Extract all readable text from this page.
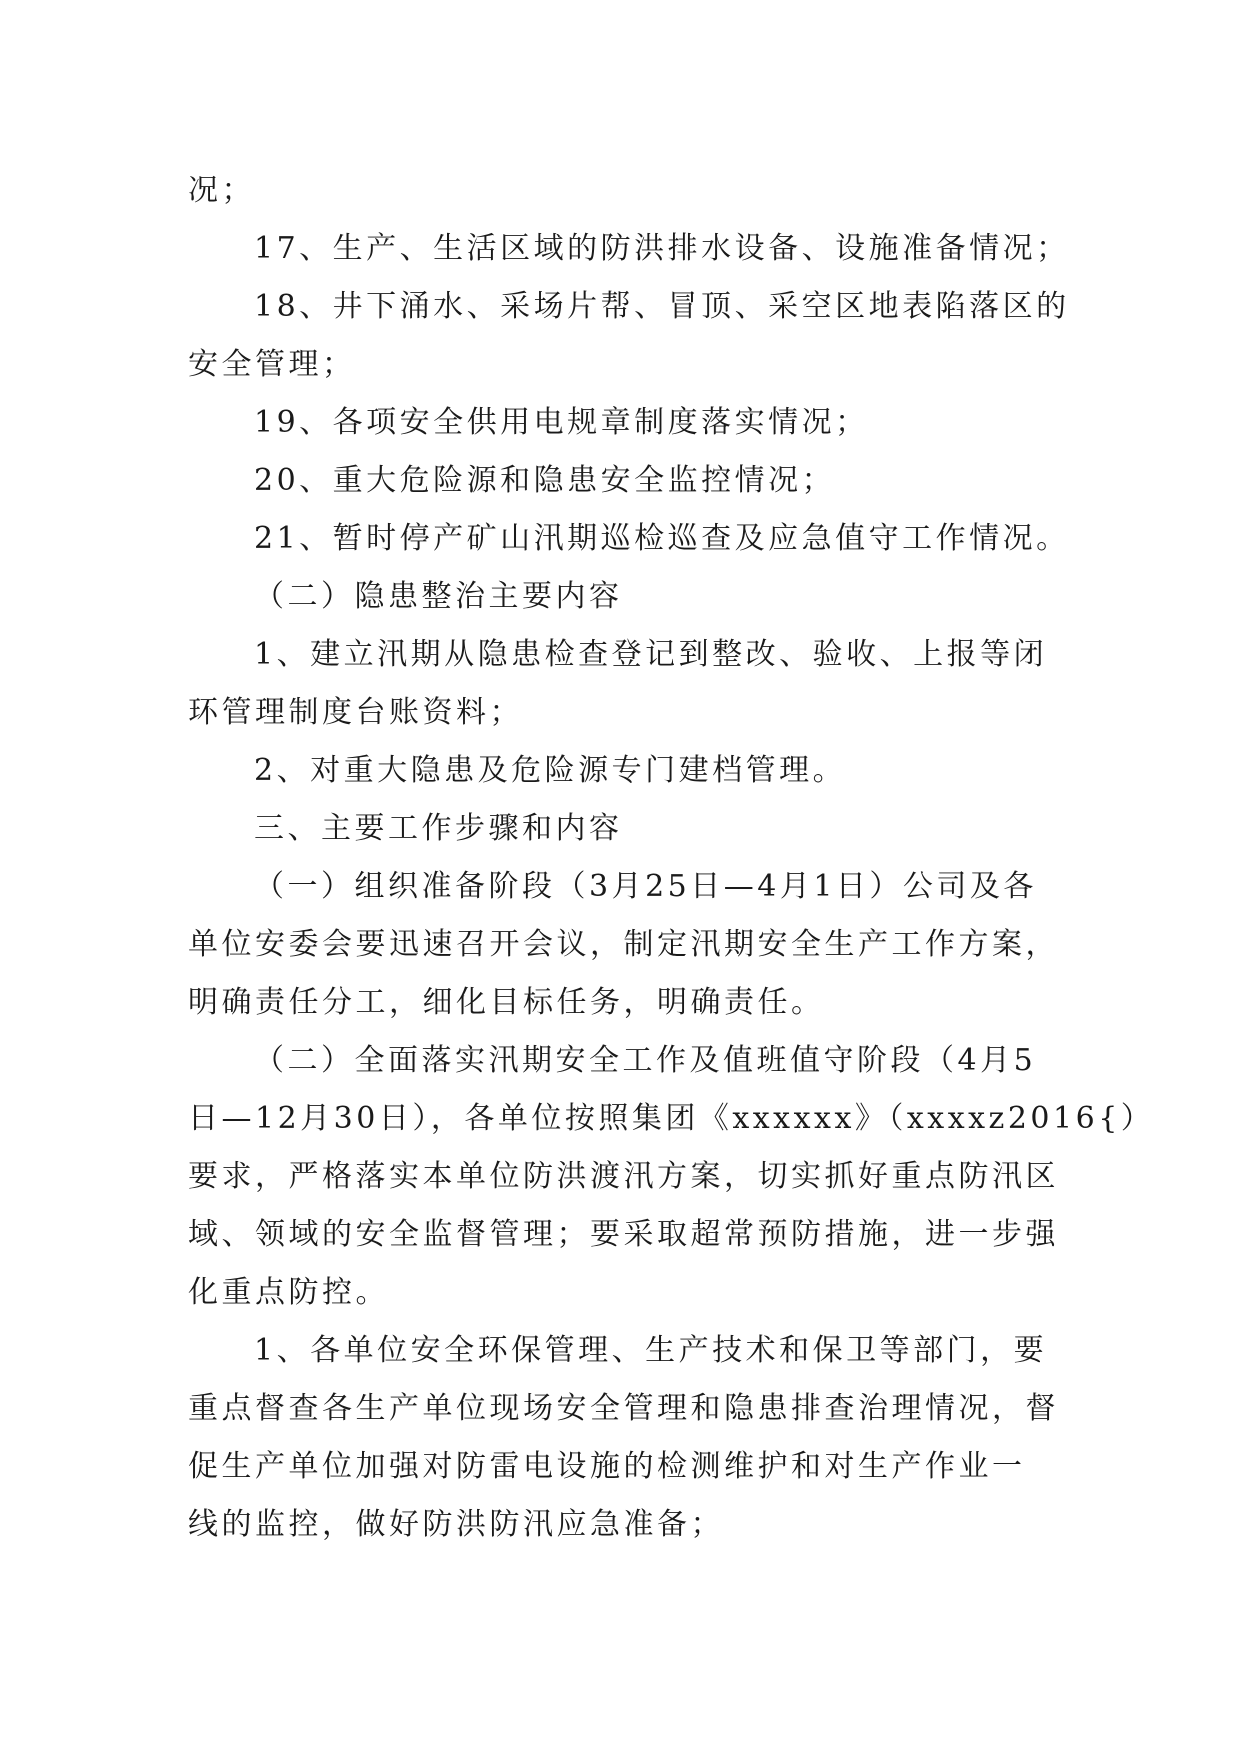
况；
17、生产、生活区域的防洪排水设备、设施准备情况；
18、井下涌水、采场片帮、冒顶、采空区地表陷落区的
安全管理；
19、各项安全供用电规章制度落实情况；
20、重大危险源和隐患安全监控情况；
21、暂时停产矿山汛期巡检巡查及应急值守工作情况。
（二）隐患整治主要内容
1、建立汛期从隐患检查登记到整改、验收、上报等闭
环管理制度台账资料；
2、对重大隐患及危险源专门建档管理。
三、主要工作步骤和内容
（一）组织准备阶段（3月25日—4月1日）公司及各
单位安委会要迅速召开会议，制定汛期安全生产工作方案，
明确责任分工，细化目标任务，明确责任。
（二）全面落实汛期安全工作及值班值守阶段（4月5
日—12月30日），各单位按照集团《xxxxxx》（xxxxz2016{）
要求，严格落实本单位防洪渡汛方案，切实抓好重点防汛区
域、领域的安全监督管理；要采取超常预防措施，进一步强
化重点防控。
1、各单位安全环保管理、生产技术和保卫等部门，要
重点督查各生产单位现场安全管理和隐患排查治理情况，督
促生产单位加强对防雷电设施的检测维护和对生产作业一
线的监控，做好防洪防汛应急准备；
